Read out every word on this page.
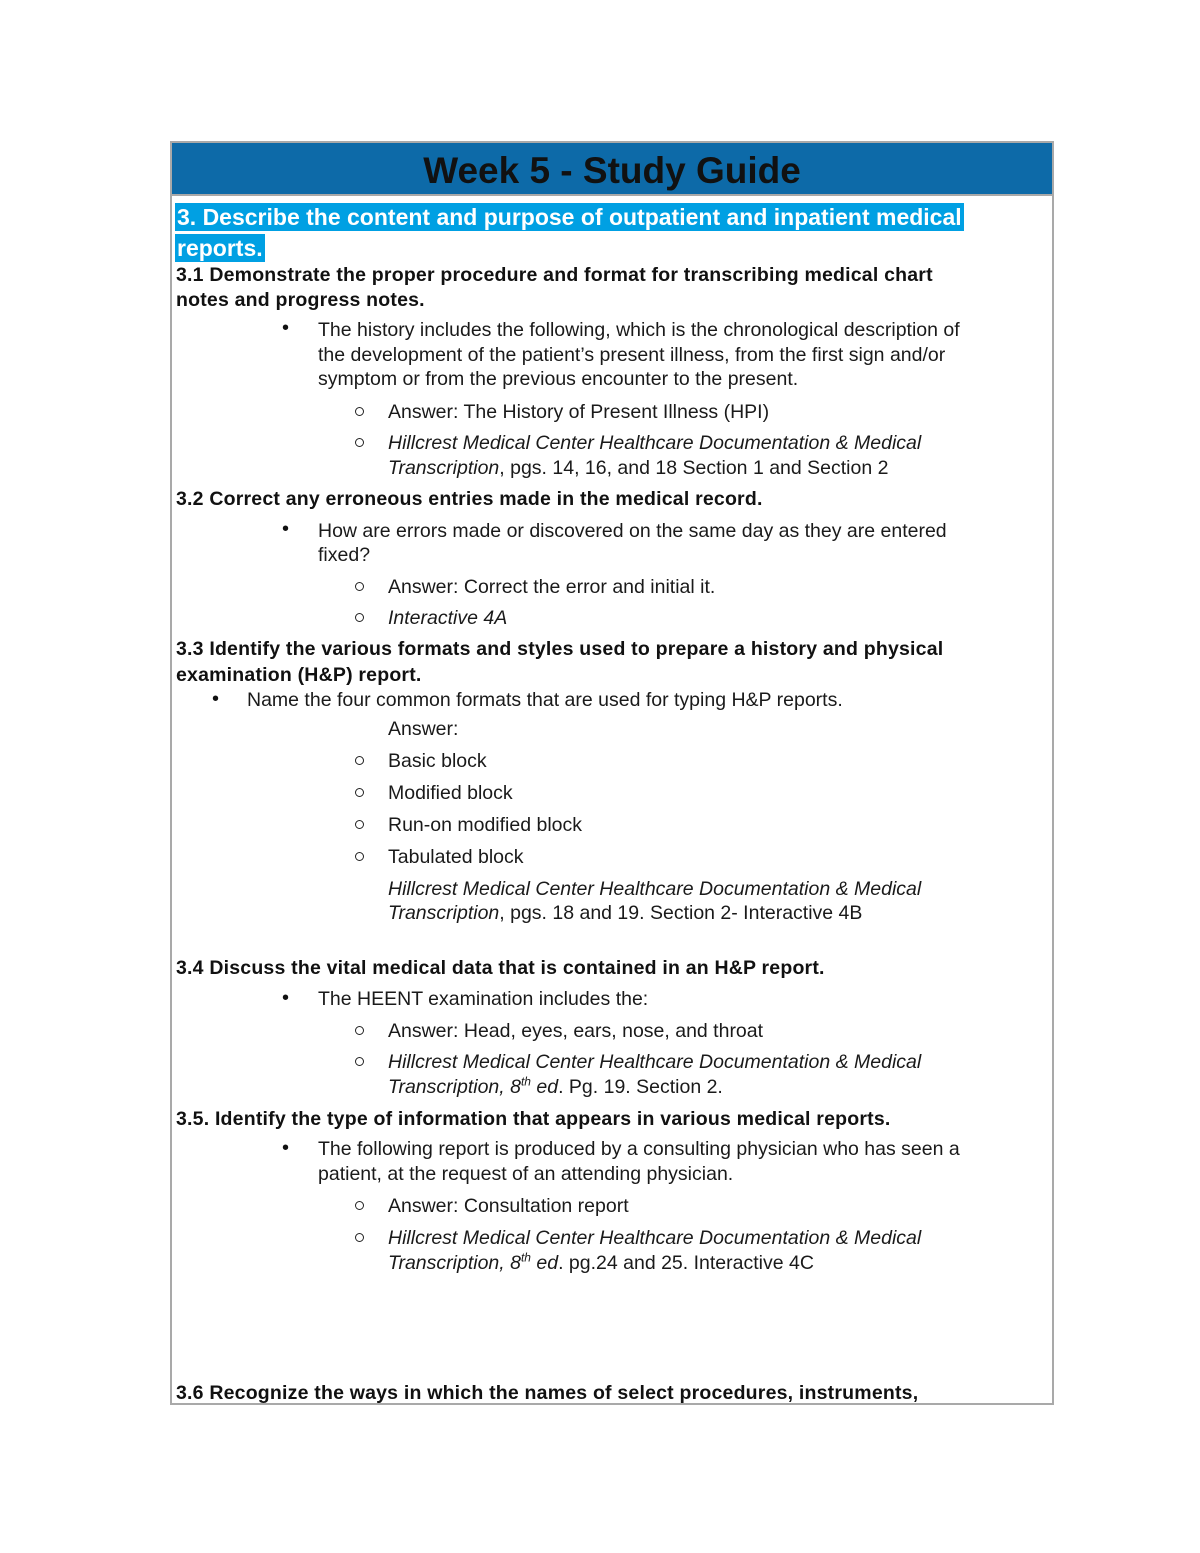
Week 5 - Study Guide
3. Describe the content and purpose of outpatient and inpatient medical
reports.
3.1 Demonstrate the proper procedure and format for transcribing medical chart
notes and progress notes.
• The history includes the following, which is the chronological description of
the development of the patient’s present illness, from the first sign and/or
symptom or from the previous encounter to the present.
Answer: The History of Present Illness (HPI)
Hillcrest Medical Center Healthcare Documentation & Medical
Transcription, pgs. 14, 16, and 18 Section 1 and Section 2
3.2 Correct any erroneous entries made in the medical record.
• How are errors made or discovered on the same day as they are entered
fixed?
Answer: Correct the error and initial it.
Interactive 4A
3.3 Identify the various formats and styles used to prepare a history and physical
examination (H&P) report.
• Name the four common formats that are used for typing H&P reports.
Answer:
Basic block
Modified block
Run-on modified block
Tabulated block
Hillcrest Medical Center Healthcare Documentation & Medical
Transcription, pgs. 18 and 19. Section 2- Interactive 4B
3.4 Discuss the vital medical data that is contained in an H&P report.
• The HEENT examination includes the:
Answer: Head, eyes, ears, nose, and throat
Hillcrest Medical Center Healthcare Documentation & Medical
Transcription, 8th ed. Pg. 19. Section 2.
3.5. Identify the type of information that appears in various medical reports.
• The following report is produced by a consulting physician who has seen a
patient, at the request of an attending physician.
Answer: Consultation report
Hillcrest Medical Center Healthcare Documentation & Medical
Transcription, 8th ed. pg.24 and 25. Interactive 4C
3.6 Recognize the ways in which the names of select procedures, instruments,
